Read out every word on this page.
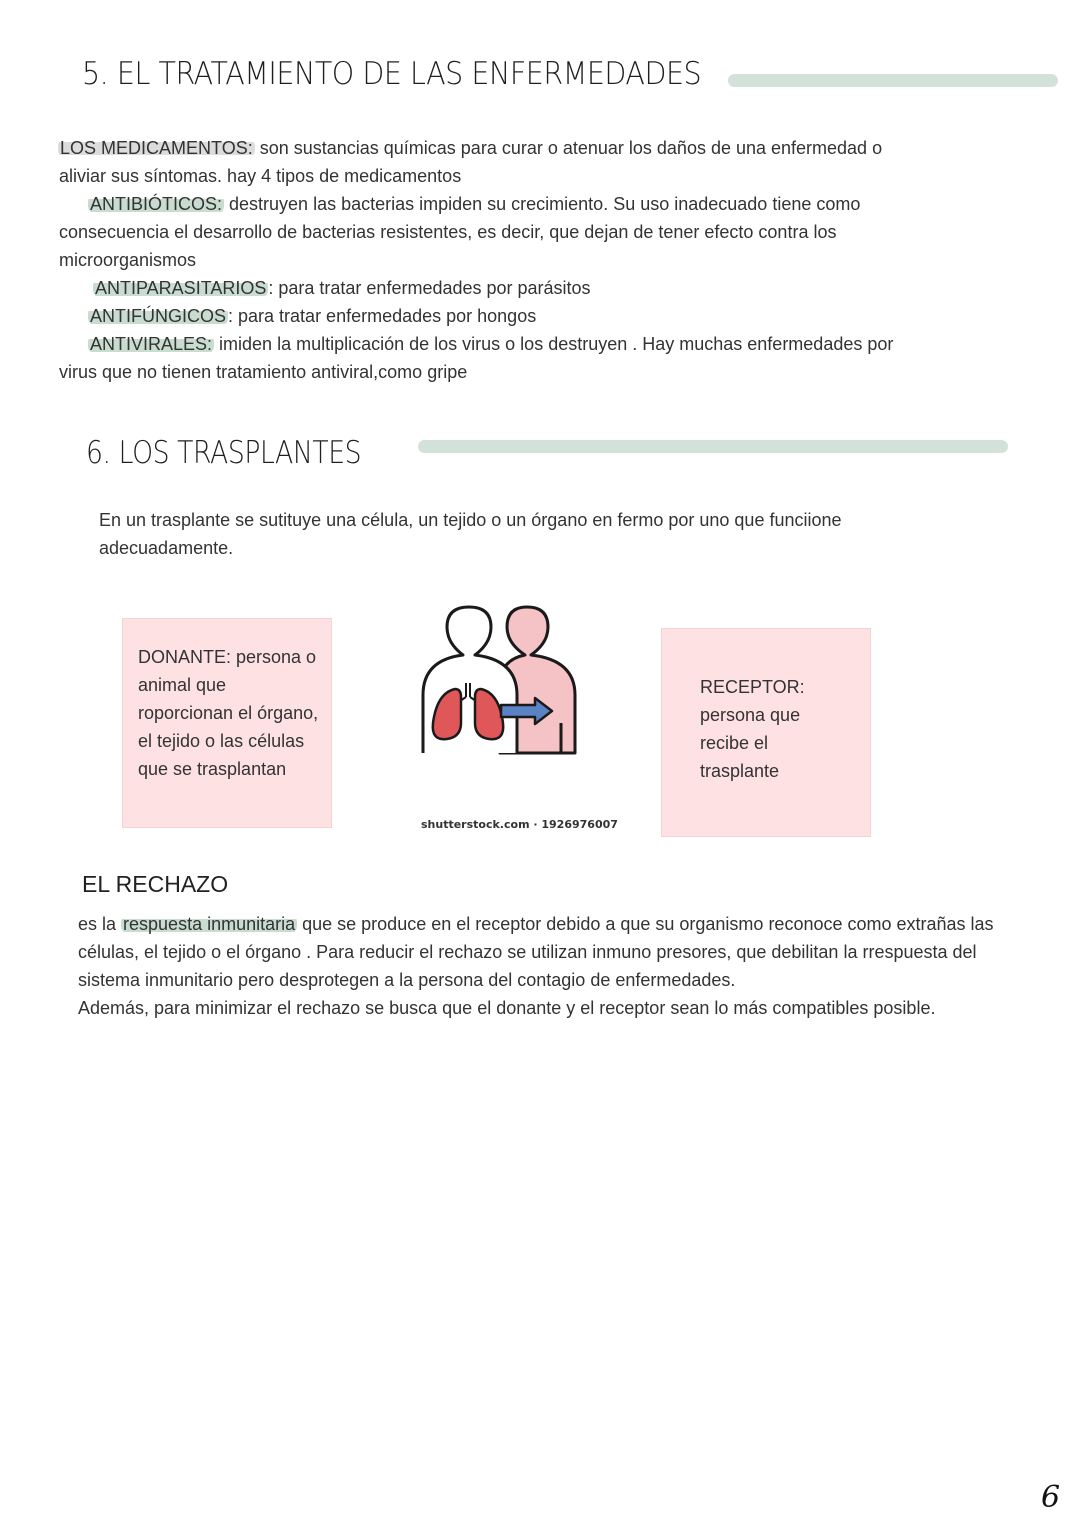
5. EL TRATAMIENTO DE LAS ENFERMEDADES
LOS MEDICAMENTOS: son sustancias químicas para curar o atenuar los daños de una enfermedad o
aliviar sus síntomas. hay 4 tipos de medicamentos
ANTIBIÓTICOS: destruyen las bacterias impiden su crecimiento. Su uso inadecuado tiene como
consecuencia el desarrollo de bacterias resistentes, es decir, que dejan de tener efecto contra los
microorganismos
ANTIPARASITARIOS : para tratar enfermedades por parásitos
ANTIFÚNGICOS : para tratar enfermedades por hongos
ANTIVIRALES: imiden la multiplicación de los virus o los destruyen . Hay muchas enfermedades por
virus que no tienen tratamiento antiviral,como gripe
6. LOS TRASPLANTES
En un trasplante se sutituye una célula, un tejido o un órgano en fermo por uno que funciione
adecuadamente.
DONANTE: persona o
animal que
roporcionan el órgano,
el tejido o las células
que se trasplantan
shutterstock.com · 1926976007
RECEPTOR:
persona que
recibe el
trasplante
EL RECHAZO
es la respuesta inmunitaria que se produce en el receptor debido a que su organismo reconoce como extrañas las
células, el tejido o el órgano . Para reducir el rechazo se utilizan inmuno presores, que debilitan la rrespuesta del
sistema inmunitario pero desprotegen a la persona del contagio de enfermedades.
Además, para minimizar el rechazo se busca que el donante y el receptor sean lo más compatibles posible.
6
